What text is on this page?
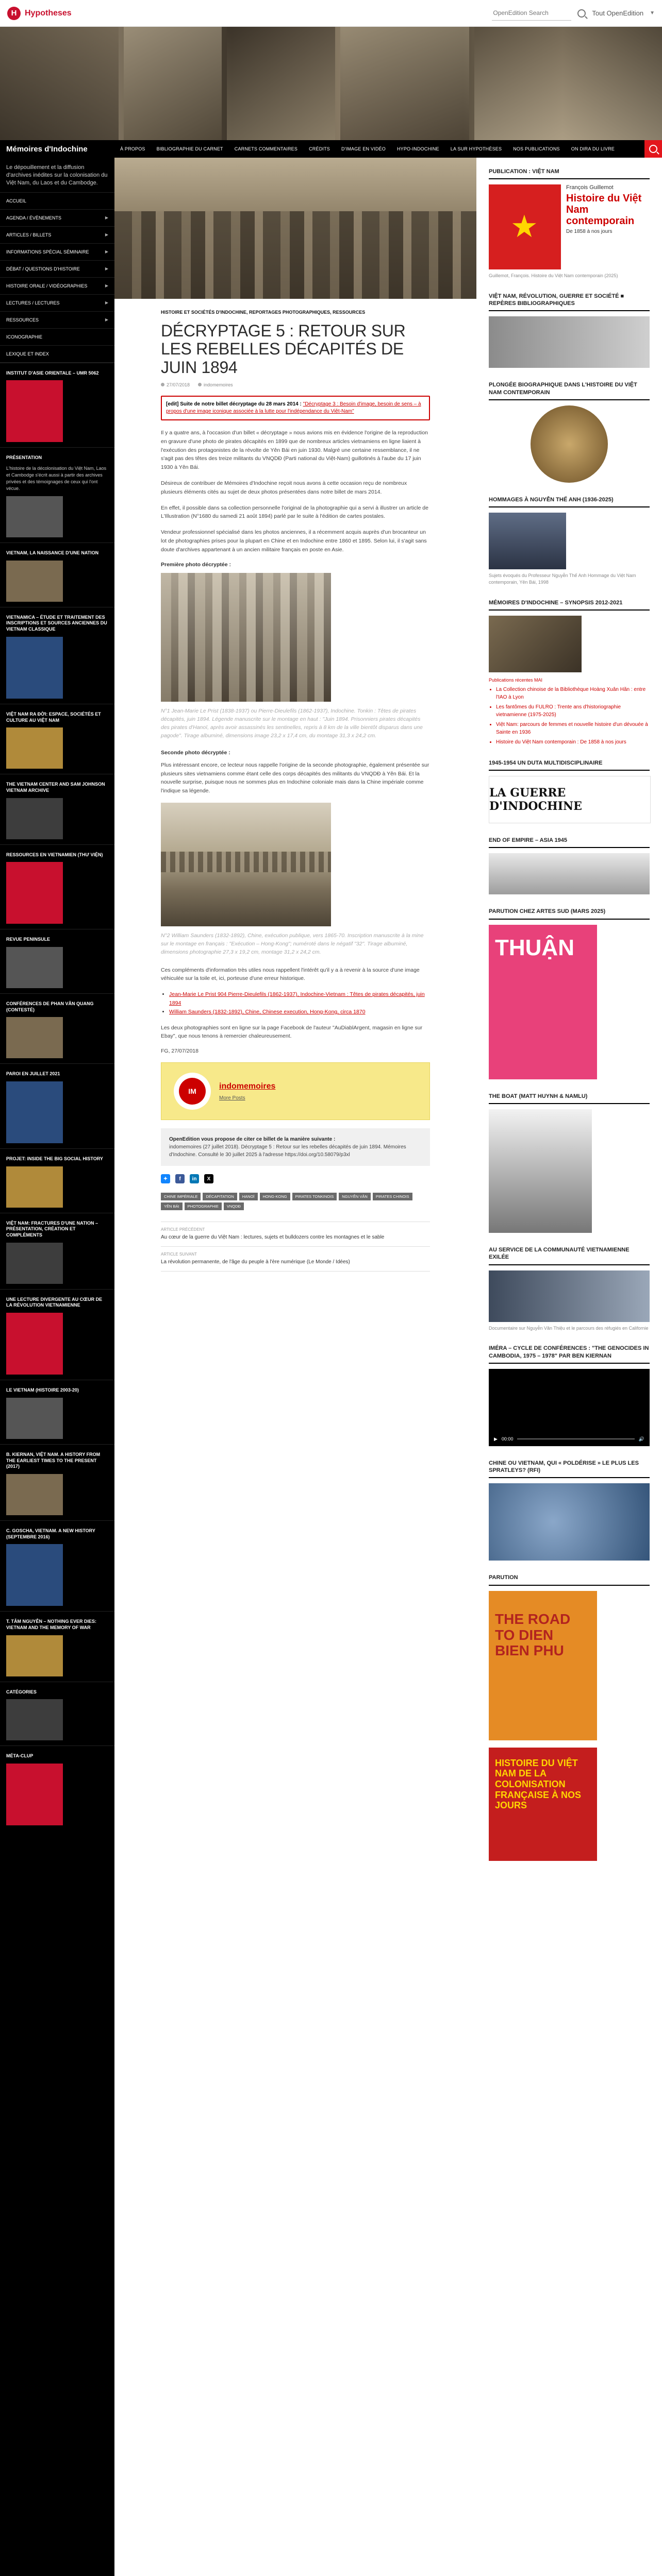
H Hypotheses
OpenEdition Search	Tout OpenEdition ▼
Mémoires d'Indochine	À PROPOS	BIBLIOGRAPHIE DU CARNET	CARNETS COMMENTAIRES	CRÉDITS	D'IMAGE EN VIDÉO	HYPO-INDOCHINE	LA SUR HYPOTHÈSES	NOS PUBLICATIONS	ON DIRA DU LIVRE
Le dépouillement et la diffusion d'archives inédites sur la colonisation du Việt Nam, du Laos et du Cambodge.
ACCUEIL
AGENDA / ÉVÈNEMENTS	▶
ARTICLES / BILLETS	▶
INFORMATIONS SPÉCIAL SÉMINAIRE	▶
DÉBAT / QUESTIONS D'HISTOIRE	▶
HISTOIRE ORALE / VIDÉOGRAPHIES	▶
LECTURES / LECTURES	▶
RESSOURCES	▶
ICONOGRAPHIE
LEXIQUE ET INDEX
INSTITUT D'ASIE ORIENTALE – UMR 5062
PRÉSENTATION
L'histoire de la décolonisation du Việt Nam, Laos et Cambodge s'écrit aussi à partir des archives privées et des témoignages de ceux qui l'ont vécue.
VIETNAM, LA NAISSANCE D'UNE NATION
VIETNAMICA – ÉTUDE ET TRAITEMENT DES INSCRIPTIONS ET SOURCES ANCIENNES DU VIETNAM CLASSIQUE
VIỆT NAM RA ĐỜI: ESPACE, SOCIÉTÉS ET CULTURE AU VIỆT NAM
THE VIETNAM CENTER AND SAM JOHNSON VIETNAM ARCHIVE
RESSOURCES EN VIETNAMIEN (THƯ VIỆN)
REVUE PENINSULE
CONFÉRENCES DE PHAN VĂN QUANG (CONTESTÉ)
PAROI EN JUILLET 2021
PROJET: INSIDE THE BIG SOCIAL HISTORY
VIỆT NAM: FRACTURES D'UNE NATION – PRÉSENTATION, CRÉATION ET COMPLÉMENTS
UNE LECTURE DIVERGENTE AU CŒUR DE LA RÉVOLUTION VIETNAMIENNE
LE VIETNAM (HISTOIRE 2003-20)
B. KIERNAN, VIỆT NAM. A HISTORY FROM THE EARLIEST TIMES TO THE PRESENT (2017)
C. GOSCHA, VIETNAM. A NEW HISTORY (SEPTEMBRE 2016)
T. TÂM NGUYỄN – NOTHING EVER DIES: VIETNAM AND THE MEMORY OF WAR
CATÉGORIES
MÉTA-CLUP
HISTOIRE ET SOCIÉTÉS D'INDOCHINE, REPORTAGES PHOTOGRAPHIQUES, RESSOURCES
DÉCRYPTAGE 5 : RETOUR SUR LES REBELLES DÉCAPITÉS DE JUIN 1894
27/07/2018	indomemoires
[edit] Suite de notre billet décryptage du 28 mars 2014 : "Décryptage 3 : Besoin d'image, besoin de sens – à propos d'une image iconique associée à la lutte pour l'indépendance du Việt-Nam"
Il y a quatre ans, à l'occasion d'un billet « décryptage » nous avions mis en évidence l'origine de la reproduction en gravure d'une photo de pirates décapités en 1899 que de nombreux articles vietnamiens en ligne liaient à l'exécution des protagonistes de la révolte de Yên Bái en juin 1930. Malgré une certaine ressemblance, il ne s'agit pas des têtes des treize militants du VNQDĐ (Parti national du Việt-Nam) guillotinés à l'aube du 17 juin 1930 à Yên Bái.
Désireux de contribuer de Mémoires d'Indochine reçoit nous avons à cette occasion reçu de nombreux plusieurs éléments cités au sujet de deux photos présentées dans notre billet de mars 2014.
En effet, il possible dans sa collection personnelle l'original de la photographie qui a servi à illustrer un article de L'Illustration (N°1680 du samedi 21 août 1894) parlé par le suite à l'édition de cartes postales.
Vendeur professionnel spécialisé dans les photos anciennes, il a récemment acquis auprès d'un brocanteur un lot de photographies prises pour la plupart en Chine et en Indochine entre 1860 et 1895. Selon lui, il s'agit sans doute d'archives appartenant à un ancien militaire français en poste en Asie.
Première photo décryptée :
N°1 Jean-Marie Le Prist (1838-1937) ou Pierre-Dieulefils (1862-1937), Indochine. Tonkin : Têtes de pirates décapités, juin 1894. Légende manuscrite sur le montage en haut : "Juin 1894. Prisonniers pirates décapités des pirates d'Hanoï, après avoir assassinés les sentinelles, repris à 8 km de la ville bientôt disparus dans une pagode". Tirage albuminé, dimensions image 23,2 x 17,4 cm, du montage 31,3 x 24,2 cm.
Seconde photo décryptée :
Plus intéressant encore, ce lecteur nous rappelle l'origine de la seconde photographie, également présentée sur plusieurs sites vietnamiens comme étant celle des corps décapités des militants du VNQDĐ à Yên Bái. Et la nouvelle surprise, puisque nous ne sommes plus en Indochine coloniale mais dans la Chine impériale comme l'indique sa légende.
N°2 William Saunders (1832-1892), Chine, exécution publique, vers 1865-70. Inscription manuscrite à la mine sur le montage en français : "Exécution – Hong-Kong"; numéroté dans le négatif "32". Tirage albuminé, dimensions photographie 27,3 x 19,2 cm, montage 31,2 x 24,2 cm.
Ces compléments d'information très utiles nous rappellent l'intérêt qu'il y a à revenir à la source d'une image véhiculée sur la toile et, ici, porteuse d'une erreur historique.
• Jean-Marie Le Prist 904 Pierre-Dieulefils (1862-1937), Indochine-Vietnam : Têtes de pirates décapités, juin 1894
• William Saunders (1832-1892), Chine, Chinese execution, Hong-Kong, circa 1870
Les deux photographies sont en ligne sur la page Facebook de l'auteur "AuDiablArgent, magasin en ligne sur Ebay", que nous tenons à remercier chaleureusement.
FG, 27/07/2018
IM
indomemoires
More Posts
OpenEdition vous propose de citer ce billet de la manière suivante :
indomemoires (27 juillet 2018). Décryptage 5 : Retour sur les rebelles décapités de juin 1894. Mémoires d'Indochine. Consulté le 30 juillet 2025 à l'adresse https://doi.org/10.58079/p3xl
✦	f	in	X
CHINE IMPÉRIALE	DÉCAPITATION	HANOÏ	HONG-KONG	PIRATES TONKINOIS	NGUYỄN VĂN	PIRATES CHINOIS
YÊN BÁI	PHOTOGRAPHIE	VNQDĐ
ARTICLE PRÉCÉDENT
Au cœur de la guerre du Việt Nam : lectures, sujets et bulldozers contre les montagnes et le sable
ARTICLE SUIVANT
La révolution permanente, de l'âge du peuple à l'ère numérique (Le Monde / Idées)
PUBLICATION : VIỆT NAM
★
François Guillemot
Histoire du Việt Nam contemporain
De 1858 à nos jours
Guillemot, François. Histoire du Việt Nam contemporain (2025)
VIỆT NAM, RÉVOLUTION, GUERRE ET SOCIÉTÉ ■ REPÈRES BIBLIOGRAPHIQUES
PLONGÉE BIOGRAPHIQUE DANS L'HISTOIRE DU VIỆT NAM CONTEMPORAIN
HOMMAGES À NGUYỄN THẾ ANH (1936-2025)
Sujets évoqués du Professeur Nguyễn Thế Anh Hommage du Việt Nam contemporain, Yên Bái, 1998
MÉMOIRES D'INDOCHINE – SYNOPSIS 2012-2021
Publications récentes MAI
• La Collection chinoise de la Bibliothèque Hoàng Xuân Hãn : entre l'IAO à Lyon
• Les fantômes du FULRO : Trente ans d'historiographie vietnamienne (1975-2025)
• Việt Nam: parcours de femmes et nouvelle histoire d'un dévouée à Sainte en 1936
• Histoire du Việt Nam contemporain : De 1858 à nos jours
1945-1954 UN DUTA MULTIDISCIPLINAIRE
LA GUERRE D'INDOCHINE
END OF EMPIRE – ASIA 1945
PARUTION CHEZ ARTES SUD (MARS 2025)
THUẬN
THE BOAT (MATT HUYNH & NAMLU)
AU SERVICE DE LA COMMUNAUTÉ VIETNAMIENNE EXILÉE
Documentaire sur Nguyễn Văn Thiệu et le parcours des réfugiés en Californie
IMÉRA – CYCLE DE CONFÉRENCES : "THE GENOCIDES IN CAMBODIA, 1975 – 1978" PAR BEN KIERNAN
▶ 00:00	🔊
CHINE OU VIETNAM, QUI « POLDÉRISE » LE PLUS LES SPRATLEYS? (RFI)
PARUTION
THE ROAD TO DIEN BIEN PHU
HISTOIRE DU VIỆT NAM DE LA COLONISATION FRANÇAISE À NOS JOURS
